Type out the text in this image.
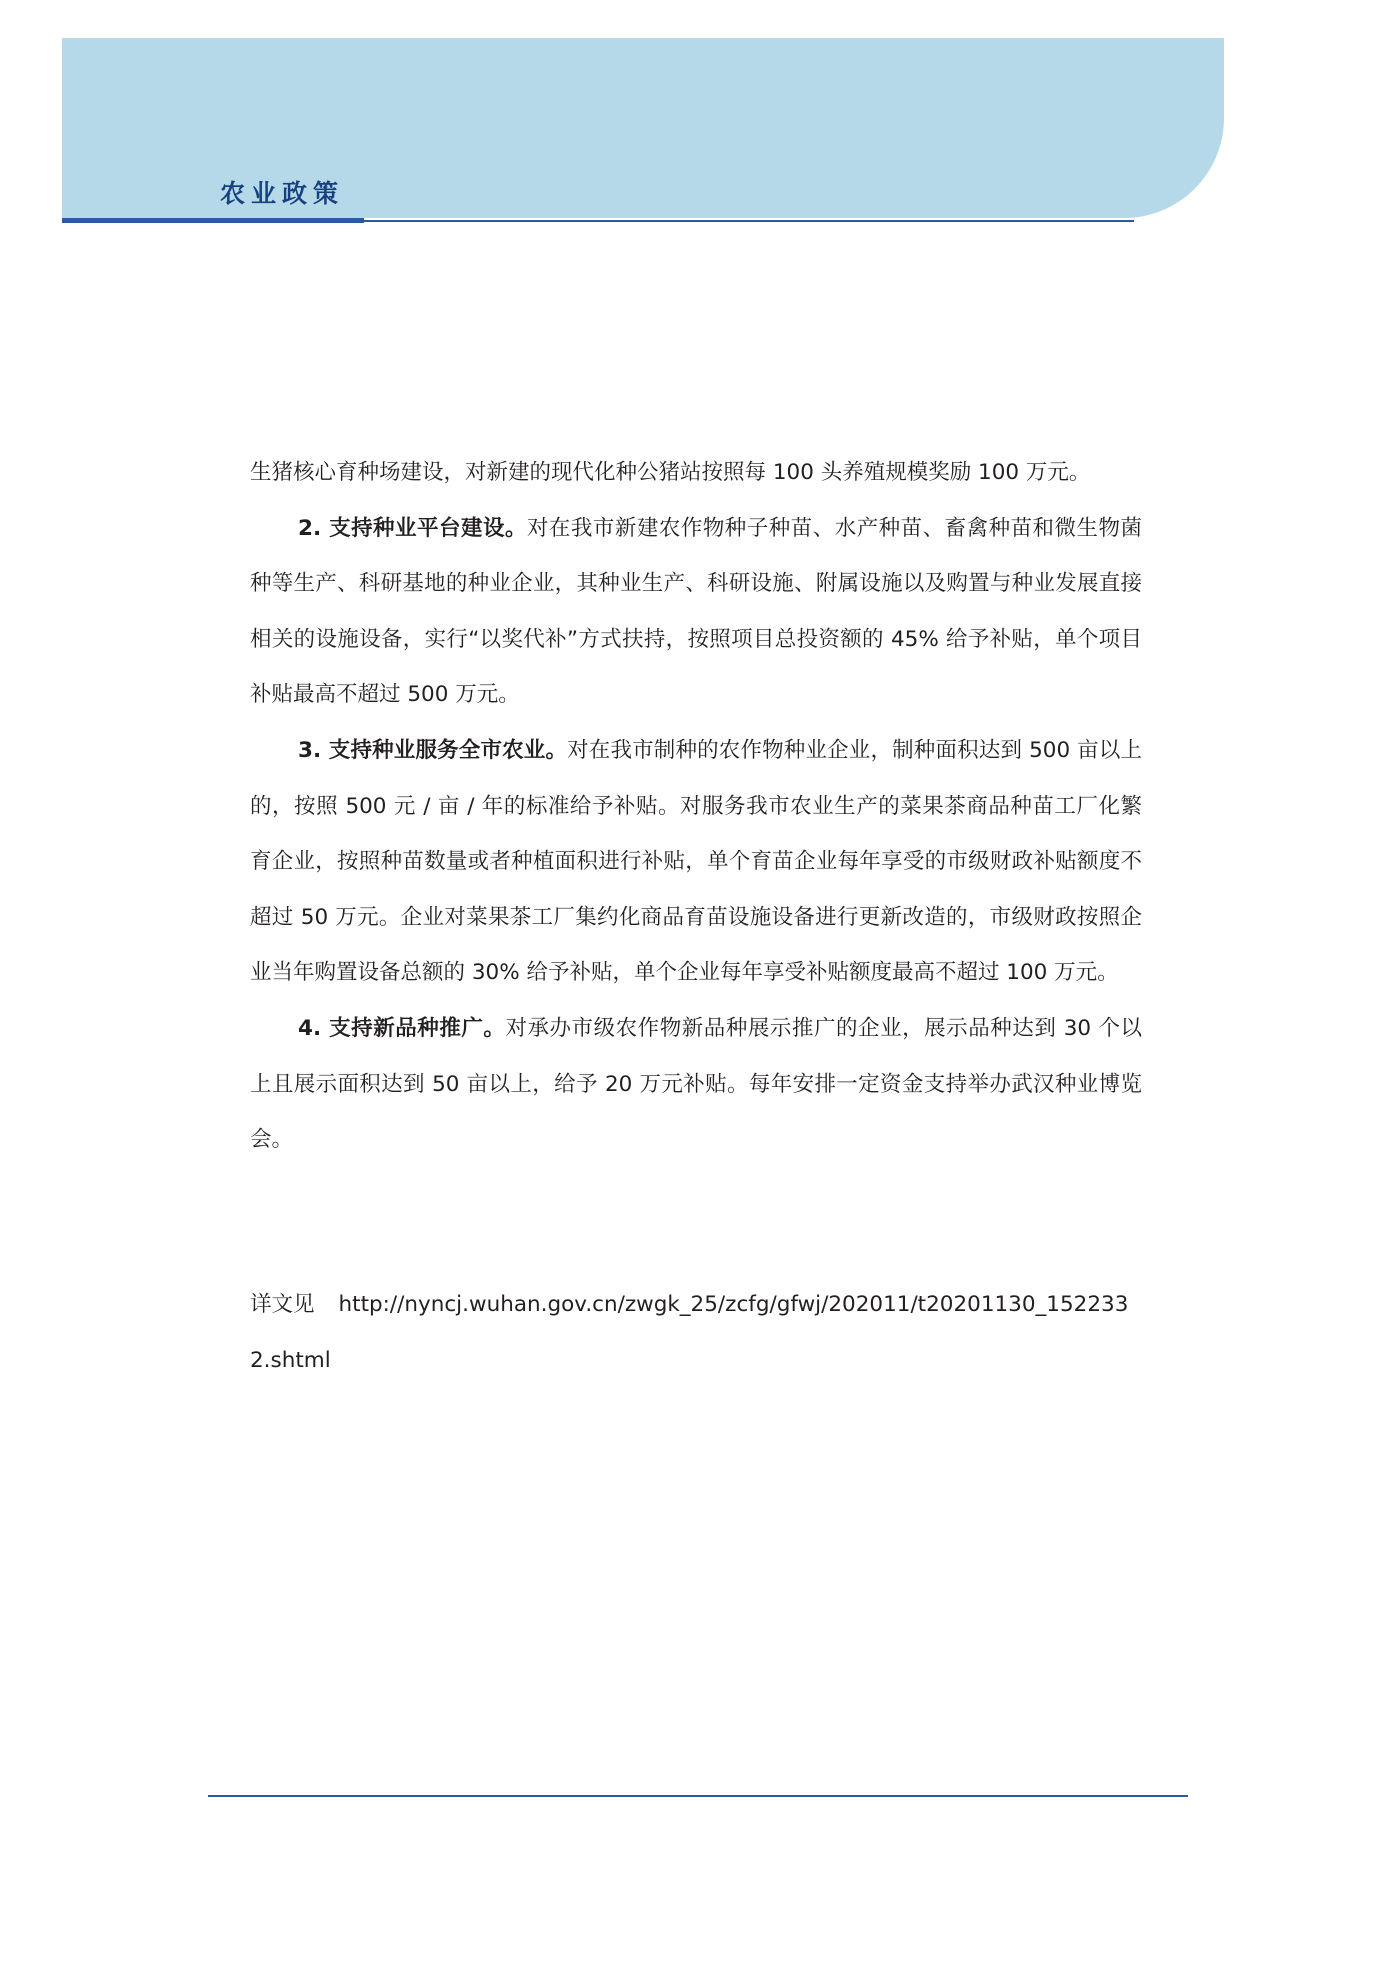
农业政策

生猪核心育种场建设，对新建的现代化种公猪站按照每 100 头养殖规模奖励 100 万元。

2. 支持种业平台建设。对在我市新建农作物种子种苗、水产种苗、畜禽种苗和微生物菌种等生产、科研基地的种业企业，其种业生产、科研设施、附属设施以及购置与种业发展直接相关的设施设备，实行“以奖代补”方式扶持，按照项目总投资额的 45% 给予补贴，单个项目补贴最高不超过 500 万元。

3. 支持种业服务全市农业。对在我市制种的农作物种业企业，制种面积达到 500 亩以上的，按照 500 元 / 亩 / 年的标准给予补贴。对服务我市农业生产的菜果茶商品种苗工厂化繁育企业，按照种苗数量或者种植面积进行补贴，单个育苗企业每年享受的市级财政补贴额度不超过 50 万元。企业对菜果茶工厂集约化商品育苗设施设备进行更新改造的，市级财政按照企业当年购置设备总额的 30% 给予补贴，单个企业每年享受补贴额度最高不超过 100 万元。

4. 支持新品种推广。对承办市级农作物新品种展示推广的企业，展示品种达到 30 个以上且展示面积达到 50 亩以上，给予 20 万元补贴。每年安排一定资金支持举办武汉种业博览会。

详文见 http://nyncj.wuhan.gov.cn/zwgk_25/zcfg/gfwj/202011/t20201130_1522332.shtml
